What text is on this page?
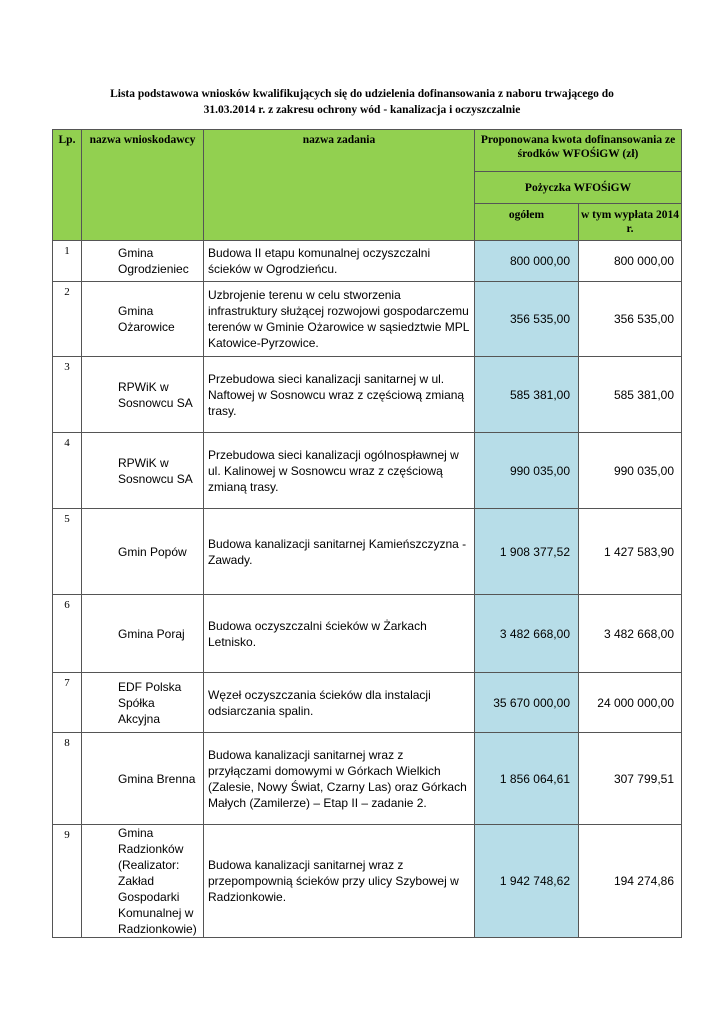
Lista podstawowa wniosków kwalifikujących się do udzielenia dofinansowania z naboru trwającego do
31.03.2014 r. z zakresu ochrony wód - kanalizacja i oczyszczalnie
Lp.	nazwa wnioskodawcy	nazwa zadania	Proponowana kwota dofinansowania ze środków WFOŚiGW (zł)	
			Pożyczka WFOŚiGW	
			ogółem	w tym wypłata 2014 r.
1	Gmina Ogrodzieniec	Budowa II etapu komunalnej oczyszczalni ścieków w Ogrodzieńcu.	800 000,00	800 000,00
2	Gmina Ożarowice	Uzbrojenie terenu w celu stworzenia infrastruktury służącej rozwojowi gospodarczemu terenów w Gminie Ożarowice w sąsiedztwie MPL Katowice-Pyrzowice.	356 535,00	356 535,00
3	RPWiK w Sosnowcu SA	Przebudowa sieci kanalizacji sanitarnej w ul. Naftowej w Sosnowcu wraz z częściową zmianą trasy.	585 381,00	585 381,00
4	RPWiK w Sosnowcu SA	Przebudowa sieci kanalizacji ogólnospławnej w ul. Kalinowej w Sosnowcu wraz z częściową zmianą trasy.	990 035,00	990 035,00
5	Gmin Popów	Budowa kanalizacji sanitarnej Kamieńszczyzna - Zawady.	1 908 377,52	1 427 583,90
6	Gmina Poraj	Budowa oczyszczalni ścieków w Żarkach Letnisko.	3 482 668,00	3 482 668,00
7	EDF Polska Spółka Akcyjna	Węzeł oczyszczania ścieków dla instalacji odsiarczania spalin.	35 670 000,00	24 000 000,00
8	Gmina Brenna	Budowa kanalizacji sanitarnej wraz z przyłączami domowymi w Górkach Wielkich (Zalesie, Nowy Świat, Czarny Las) oraz Górkach Małych (Zamilerze) – Etap II – zadanie 2.	1 856 064,61	307 799,51
9	Gmina Radzionków (Realizator: Zakład Gospodarki Komunalnej w Radzionkowie)	Budowa kanalizacji sanitarnej wraz z przepompownią ścieków przy ulicy Szybowej w Radzionkowie.	1 942 748,62	194 274,86
